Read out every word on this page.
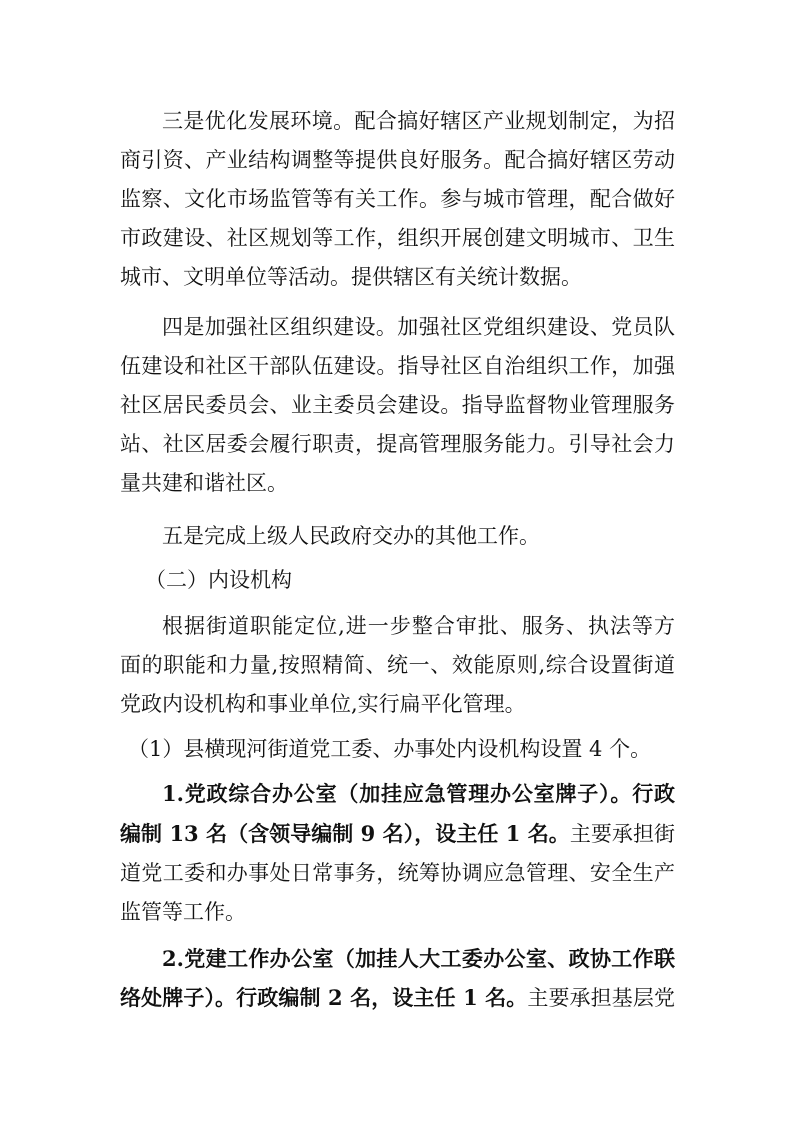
三是优化发展环境。配合搞好辖区产业规划制定，为招
商引资、产业结构调整等提供良好服务。配合搞好辖区劳动
监察、文化市场监管等有关工作。参与城市管理，配合做好
市政建设、社区规划等工作，组织开展创建文明城市、卫生
城市、文明单位等活动。提供辖区有关统计数据。
四是加强社区组织建设。加强社区党组织建设、党员队
伍建设和社区干部队伍建设。指导社区自治组织工作，加强
社区居民委员会、业主委员会建设。指导监督物业管理服务
站、社区居委会履行职责，提高管理服务能力。引导社会力
量共建和谐社区。
五是完成上级人民政府交办的其他工作。
（二）内设机构
根据街道职能定位,进一步整合审批、服务、执法等方
面的职能和力量,按照精简、统一、效能原则,综合设置街道
党政内设机构和事业单位,实行扁平化管理。
（1）县横现河街道党工委、办事处内设机构设置 4 个。
1.党政综合办公室（加挂应急管理办公室牌子）。行政
编制 13 名（含领导编制 9 名），设主任 1 名。主要承担街
道党工委和办事处日常事务，统筹协调应急管理、安全生产
监管等工作。
2.党建工作办公室（加挂人大工委办公室、政协工作联
络处牌子）。行政编制 2 名，设主任 1 名。主要承担基层党
